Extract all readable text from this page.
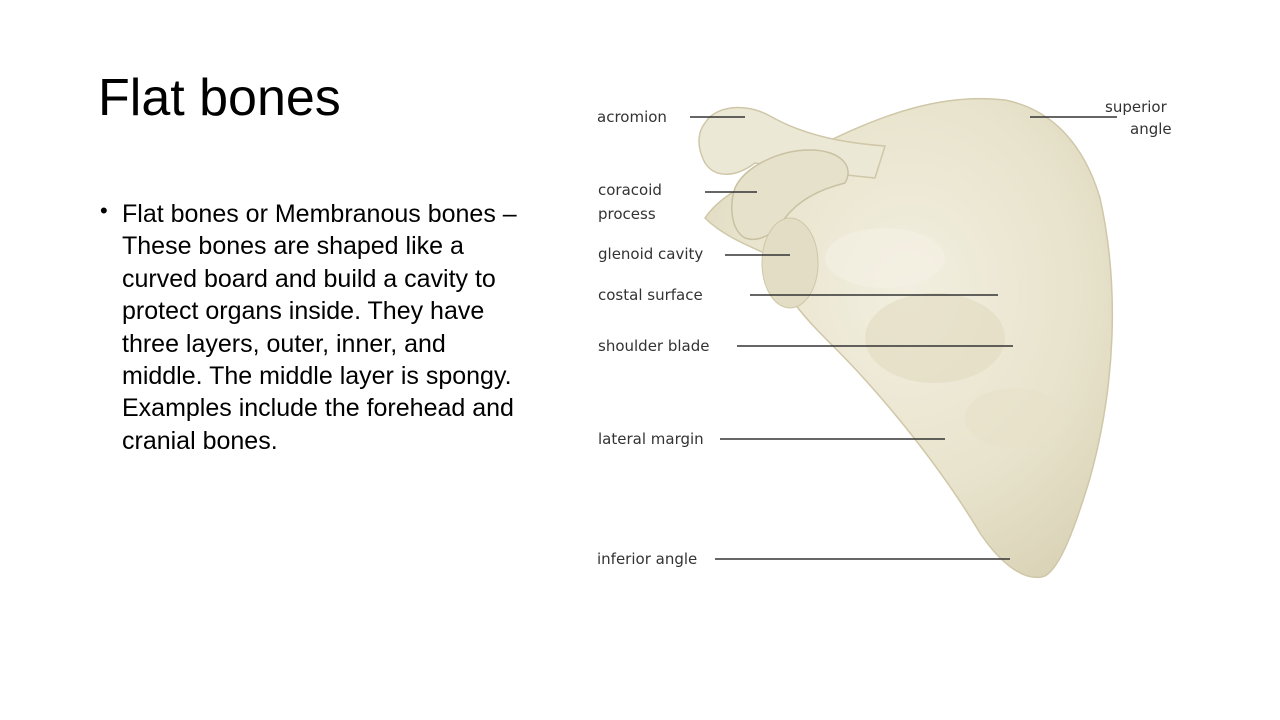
Flat bones
• Flat bones or Membranous bones – These bones are shaped like a curved board and build a cavity to protect organs inside. They have three layers, outer, inner, and middle. The middle layer is spongy. Examples include the forehead and cranial bones.
acromion
coracoid
process
glenoid cavity
costal surface
shoulder blade
lateral margin
inferior angle
superior
angle
